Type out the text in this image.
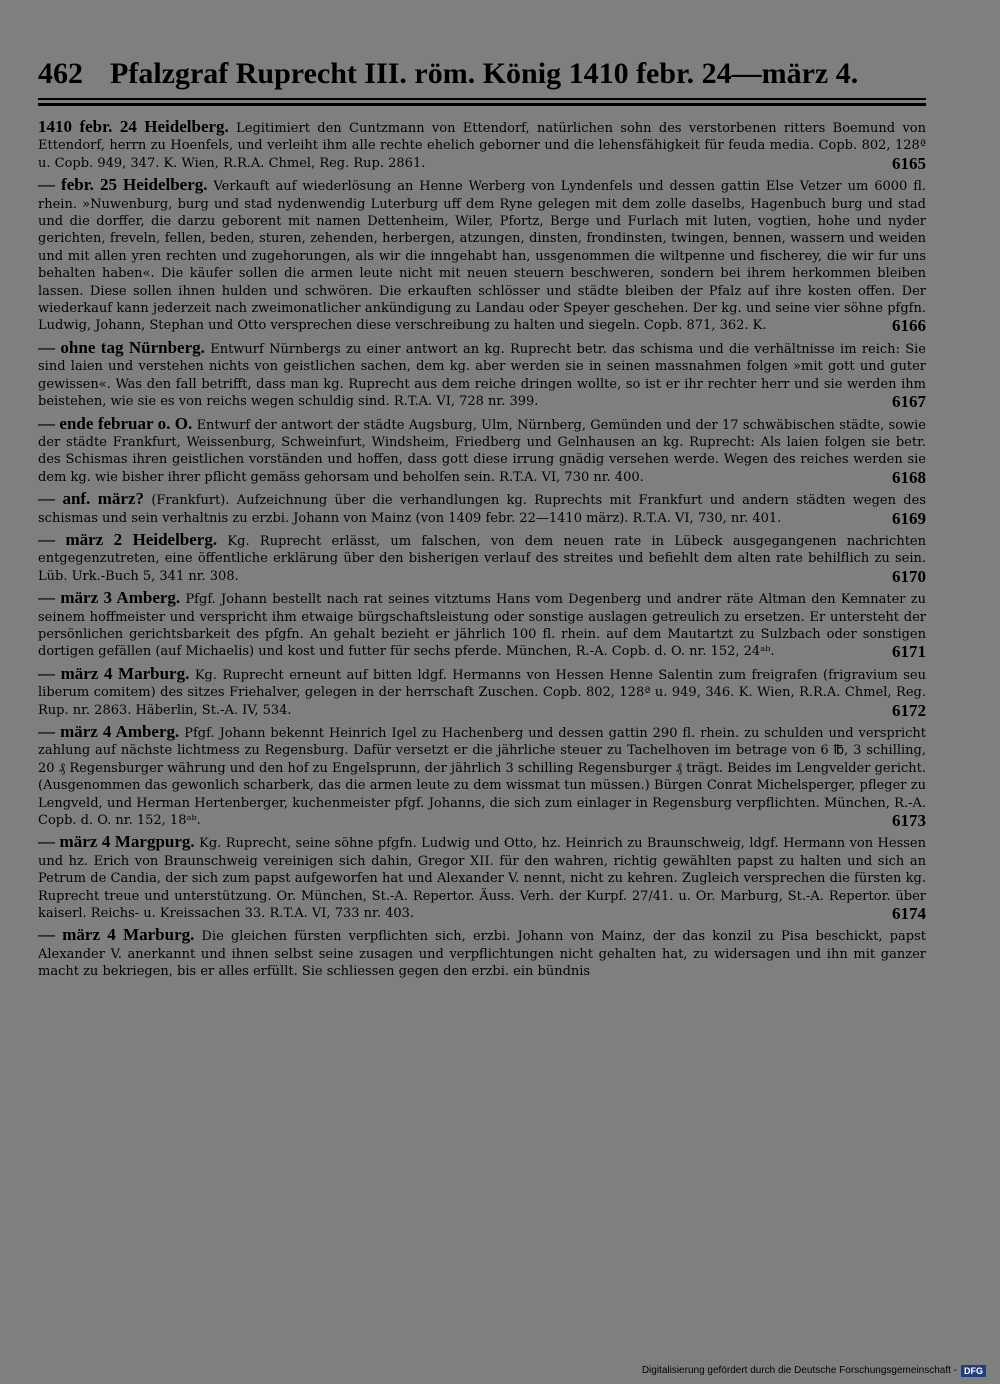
462 Pfalzgraf Ruprecht III. röm. König 1410 febr. 24—märz 4.
1410 febr. 24 Heidelberg. Legitimiert den Cuntzmann von Ettendorf, natürlichen sohn des verstorbenen ritters Boemund von Ettendorf, herrn zu Hoenfels, und verleiht ihm alle rechte ehelich geborner und die lehensfähigkeit für feuda media. Copb. 802, 128ª u. Copb. 949, 347. K. Wien, R.R.A. Chmel, Reg. Rup. 2861.	6165
— febr. 25 Heidelberg. Verkauft auf wiederlösung an Henne Werberg von Lyndenfels und dessen gattin Else Vetzer um 6000 fl. rhein. »Nuwenburg, burg und stad nydenwendig Luterburg uff dem Ryne gelegen mit dem zolle daselbs, Hagenbuch burg und stad und die dorffer, die darzu geborent mit namen Dettenheim, Wiler, Pfortz, Berge und Furlach mit luten, vogtien, hohe und nyder gerichten, freveln, fellen, beden, sturen, zehenden, herbergen, atzungen, dinsten, frondinsten, twingen, bennen, wassern und weiden und mit allen yren rechten und zugehorungen, als wir die inngehabt han, ussgenommen die wiltpenne und fischerey, die wir fur uns behalten haben«. Die käufer sollen die armen leute nicht mit neuen steuern beschweren, sondern bei ihrem herkommen bleiben lassen. Diese sollen ihnen hulden und schwören. Die erkauften schlösser und städte bleiben der Pfalz auf ihre kosten offen. Der wiederkauf kann jederzeit nach zweimonatlicher ankündigung zu Landau oder Speyer geschehen. Der kg. und seine vier söhne pfgfn. Ludwig, Johann, Stephan und Otto versprechen diese verschreibung zu halten und siegeln. Copb. 871, 362. K.	6166
— ohne tag Nürnberg. Entwurf Nürnbergs zu einer antwort an kg. Ruprecht betr. das schisma und die verhältnisse im reich: Sie sind laien und verstehen nichts von geistlichen sachen, dem kg. aber werden sie in seinen massnahmen folgen »mit gott und guter gewissen«. Was den fall betrifft, dass man kg. Ruprecht aus dem reiche dringen wollte, so ist er ihr rechter herr und sie werden ihm beistehen, wie sie es von reichs wegen schuldig sind. R.T.A. VI, 728 nr. 399.	6167
— ende februar o. O. Entwurf der antwort der städte Augsburg, Ulm, Nürnberg, Gemünden und der 17 schwäbischen städte, sowie der städte Frankfurt, Weissenburg, Schweinfurt, Windsheim, Friedberg und Gelnhausen an kg. Ruprecht: Als laien folgen sie betr. des Schismas ihren geistlichen vorständen und hoffen, dass gott diese irrung gnädig versehen werde. Wegen des reiches werden sie dem kg. wie bisher ihrer pflicht gemäss gehorsam und beholfen sein. R.T.A. VI, 730 nr. 400.	6168
— anf. märz? (Frankfurt). Aufzeichnung über die verhandlungen kg. Ruprechts mit Frankfurt und andern städten wegen des schismas und sein verhaltnis zu erzbi. Johann von Mainz (von 1409 febr. 22—1410 märz). R.T.A. VI, 730, nr. 401.	6169
— märz 2 Heidelberg. Kg. Ruprecht erlässt, um falschen, von dem neuen rate in Lübeck ausgegangenen nachrichten entgegenzutreten, eine öffentliche erklärung über den bisherigen verlauf des streites und befiehlt dem alten rate behilflich zu sein. Lüb. Urk.-Buch 5, 341 nr. 308.	6170
— märz 3 Amberg. Pfgf. Johann bestellt nach rat seines vitztums Hans vom Degenberg und andrer räte Altman den Kemnater zu seinem hoffmeister und verspricht ihm etwaige bürgschaftsleistung oder sonstige auslagen getreulich zu ersetzen. Er untersteht der persönlichen gerichtsbarkeit des pfgfn. An gehalt bezieht er jährlich 100 fl. rhein. auf dem Mautartzt zu Sulzbach oder sonstigen dortigen gefällen (auf Michaelis) und kost und futter für sechs pferde. München, R.-A. Copb. d. O. nr. 152, 24ᵃᵇ.	6171
— märz 4 Marburg. Kg. Ruprecht erneunt auf bitten ldgf. Hermanns von Hessen Henne Salentin zum freigrafen (frigravium seu liberum comitem) des sitzes Friehalver, gelegen in der herrschaft Zuschen. Copb. 802, 128ª u. 949, 346. K. Wien, R.R.A. Chmel, Reg. Rup. nr. 2863. Häberlin, St.-A. IV, 534.	6172
— märz 4 Amberg. Pfgf. Johann bekennt Heinrich Igel zu Hachenberg und dessen gattin 290 fl. rhein. zu schulden und verspricht zahlung auf nächste lichtmess zu Regensburg. Dafür versetzt er die jährliche steuer zu Tachelhoven im betrage von 6 ℔, 3 schilling, 20 ₰ Regensburger währung und den hof zu Engelsprunn, der jährlich 3 schilling Regensburger ₰ trägt. Beides im Lengvelder gericht. (Ausgenommen das gewonlich scharberk, das die armen leute zu dem wissmat tun müssen.) Bürgen Conrat Michelsperger, pfleger zu Lengveld, und Herman Hertenberger, kuchenmeister pfgf. Johanns, die sich zum einlager in Regensburg verpflichten. München, R.-A. Copb. d. O. nr. 152, 18ᵃᵇ.	6173
— märz 4 Margpurg. Kg. Ruprecht, seine söhne pfgfn. Ludwig und Otto, hz. Heinrich zu Braunschweig, ldgf. Hermann von Hessen und hz. Erich von Braunschweig vereinigen sich dahin, Gregor XII. für den wahren, richtig gewählten papst zu halten und sich an Petrum de Candia, der sich zum papst aufgeworfen hat und Alexander V. nennt, nicht zu kehren. Zugleich versprechen die fürsten kg. Ruprecht treue und unterstützung. Or. München, St.-A. Repertor. Äuss. Verh. der Kurpf. 27/41. u. Or. Marburg, St.-A. Repertor. über kaiserl. Reichs- u. Kreissachen 33. R.T.A. VI, 733 nr. 403.	6174
— märz 4 Marburg. Die gleichen fürsten verpflichten sich, erzbi. Johann von Mainz, der das konzil zu Pisa beschickt, papst Alexander V. anerkannt und ihnen selbst seine zusagen und verpflichtungen nicht gehalten hat, zu widersagen und ihn mit ganzer macht zu bekriegen, bis er alles erfüllt. Sie schliessen gegen den erzbi. ein bündnis
Digitalisierung gefördert durch die Deutsche Forschungsgemeinschaft - DFG
